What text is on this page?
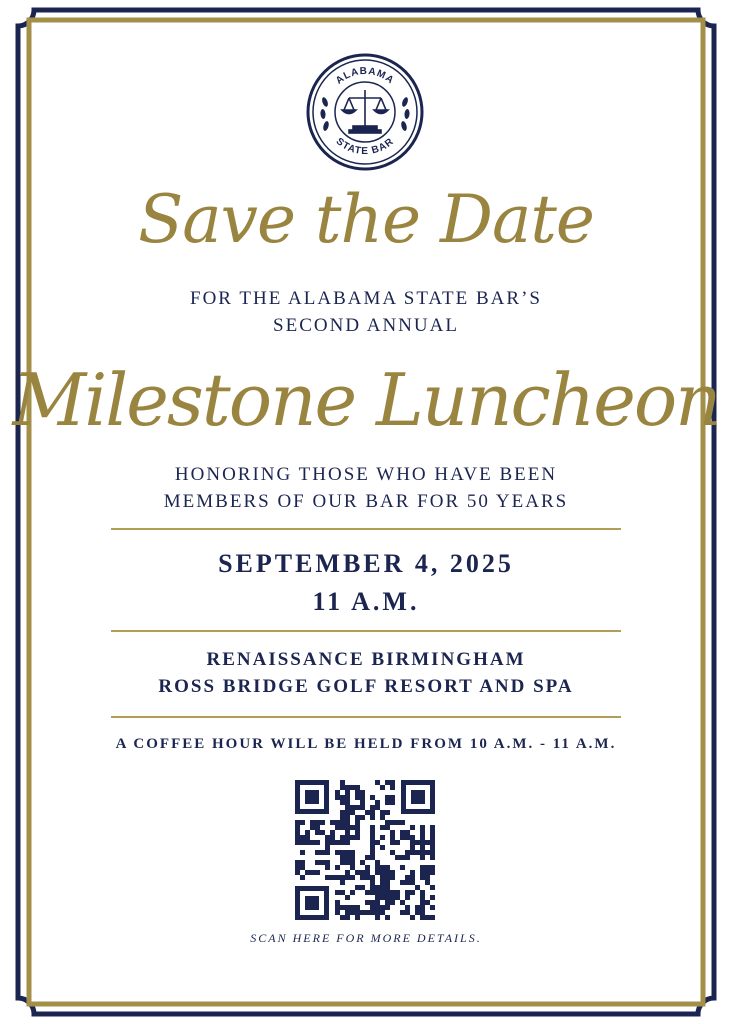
ALABAMA
STATE BAR
Save the Date
FOR THE ALABAMA STATE BAR’S
SECOND ANNUAL
Milestone Luncheon
HONORING THOSE WHO HAVE BEEN
MEMBERS OF OUR BAR FOR 50 YEARS
SEPTEMBER 4, 2025
11 A.M.
RENAISSANCE BIRMINGHAM
ROSS BRIDGE GOLF RESORT AND SPA
A COFFEE HOUR WILL BE HELD FROM 10 A.M. - 11 A.M.
SCAN HERE FOR MORE DETAILS.
